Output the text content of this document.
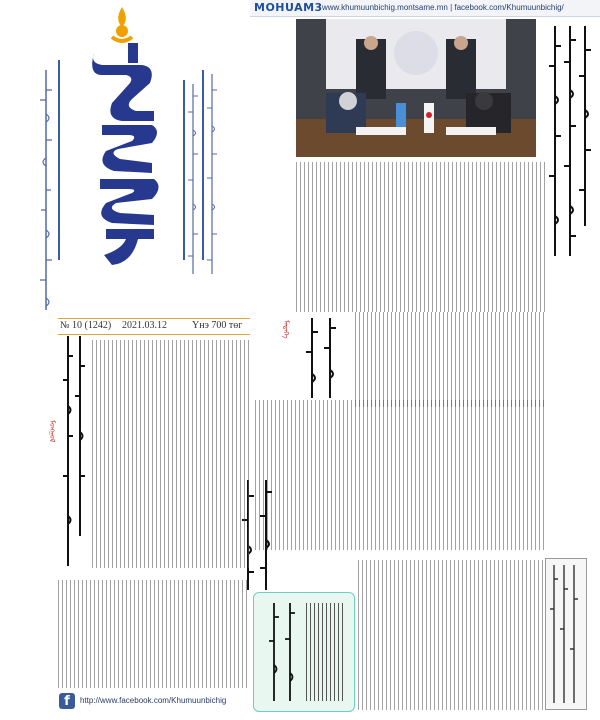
MOHUAM3 www.khumuunbichig.montsame.mn | facebook.com/Khumuunbichig/
№ 10 (1242) 2021.03.12	Үнэ 700 төг	ᠮᠡᠳᠡᠭᠡ
ᠮᠣᠩᠭᠣᠯ
f	http://www.facebook.com/Khumuunbichig
